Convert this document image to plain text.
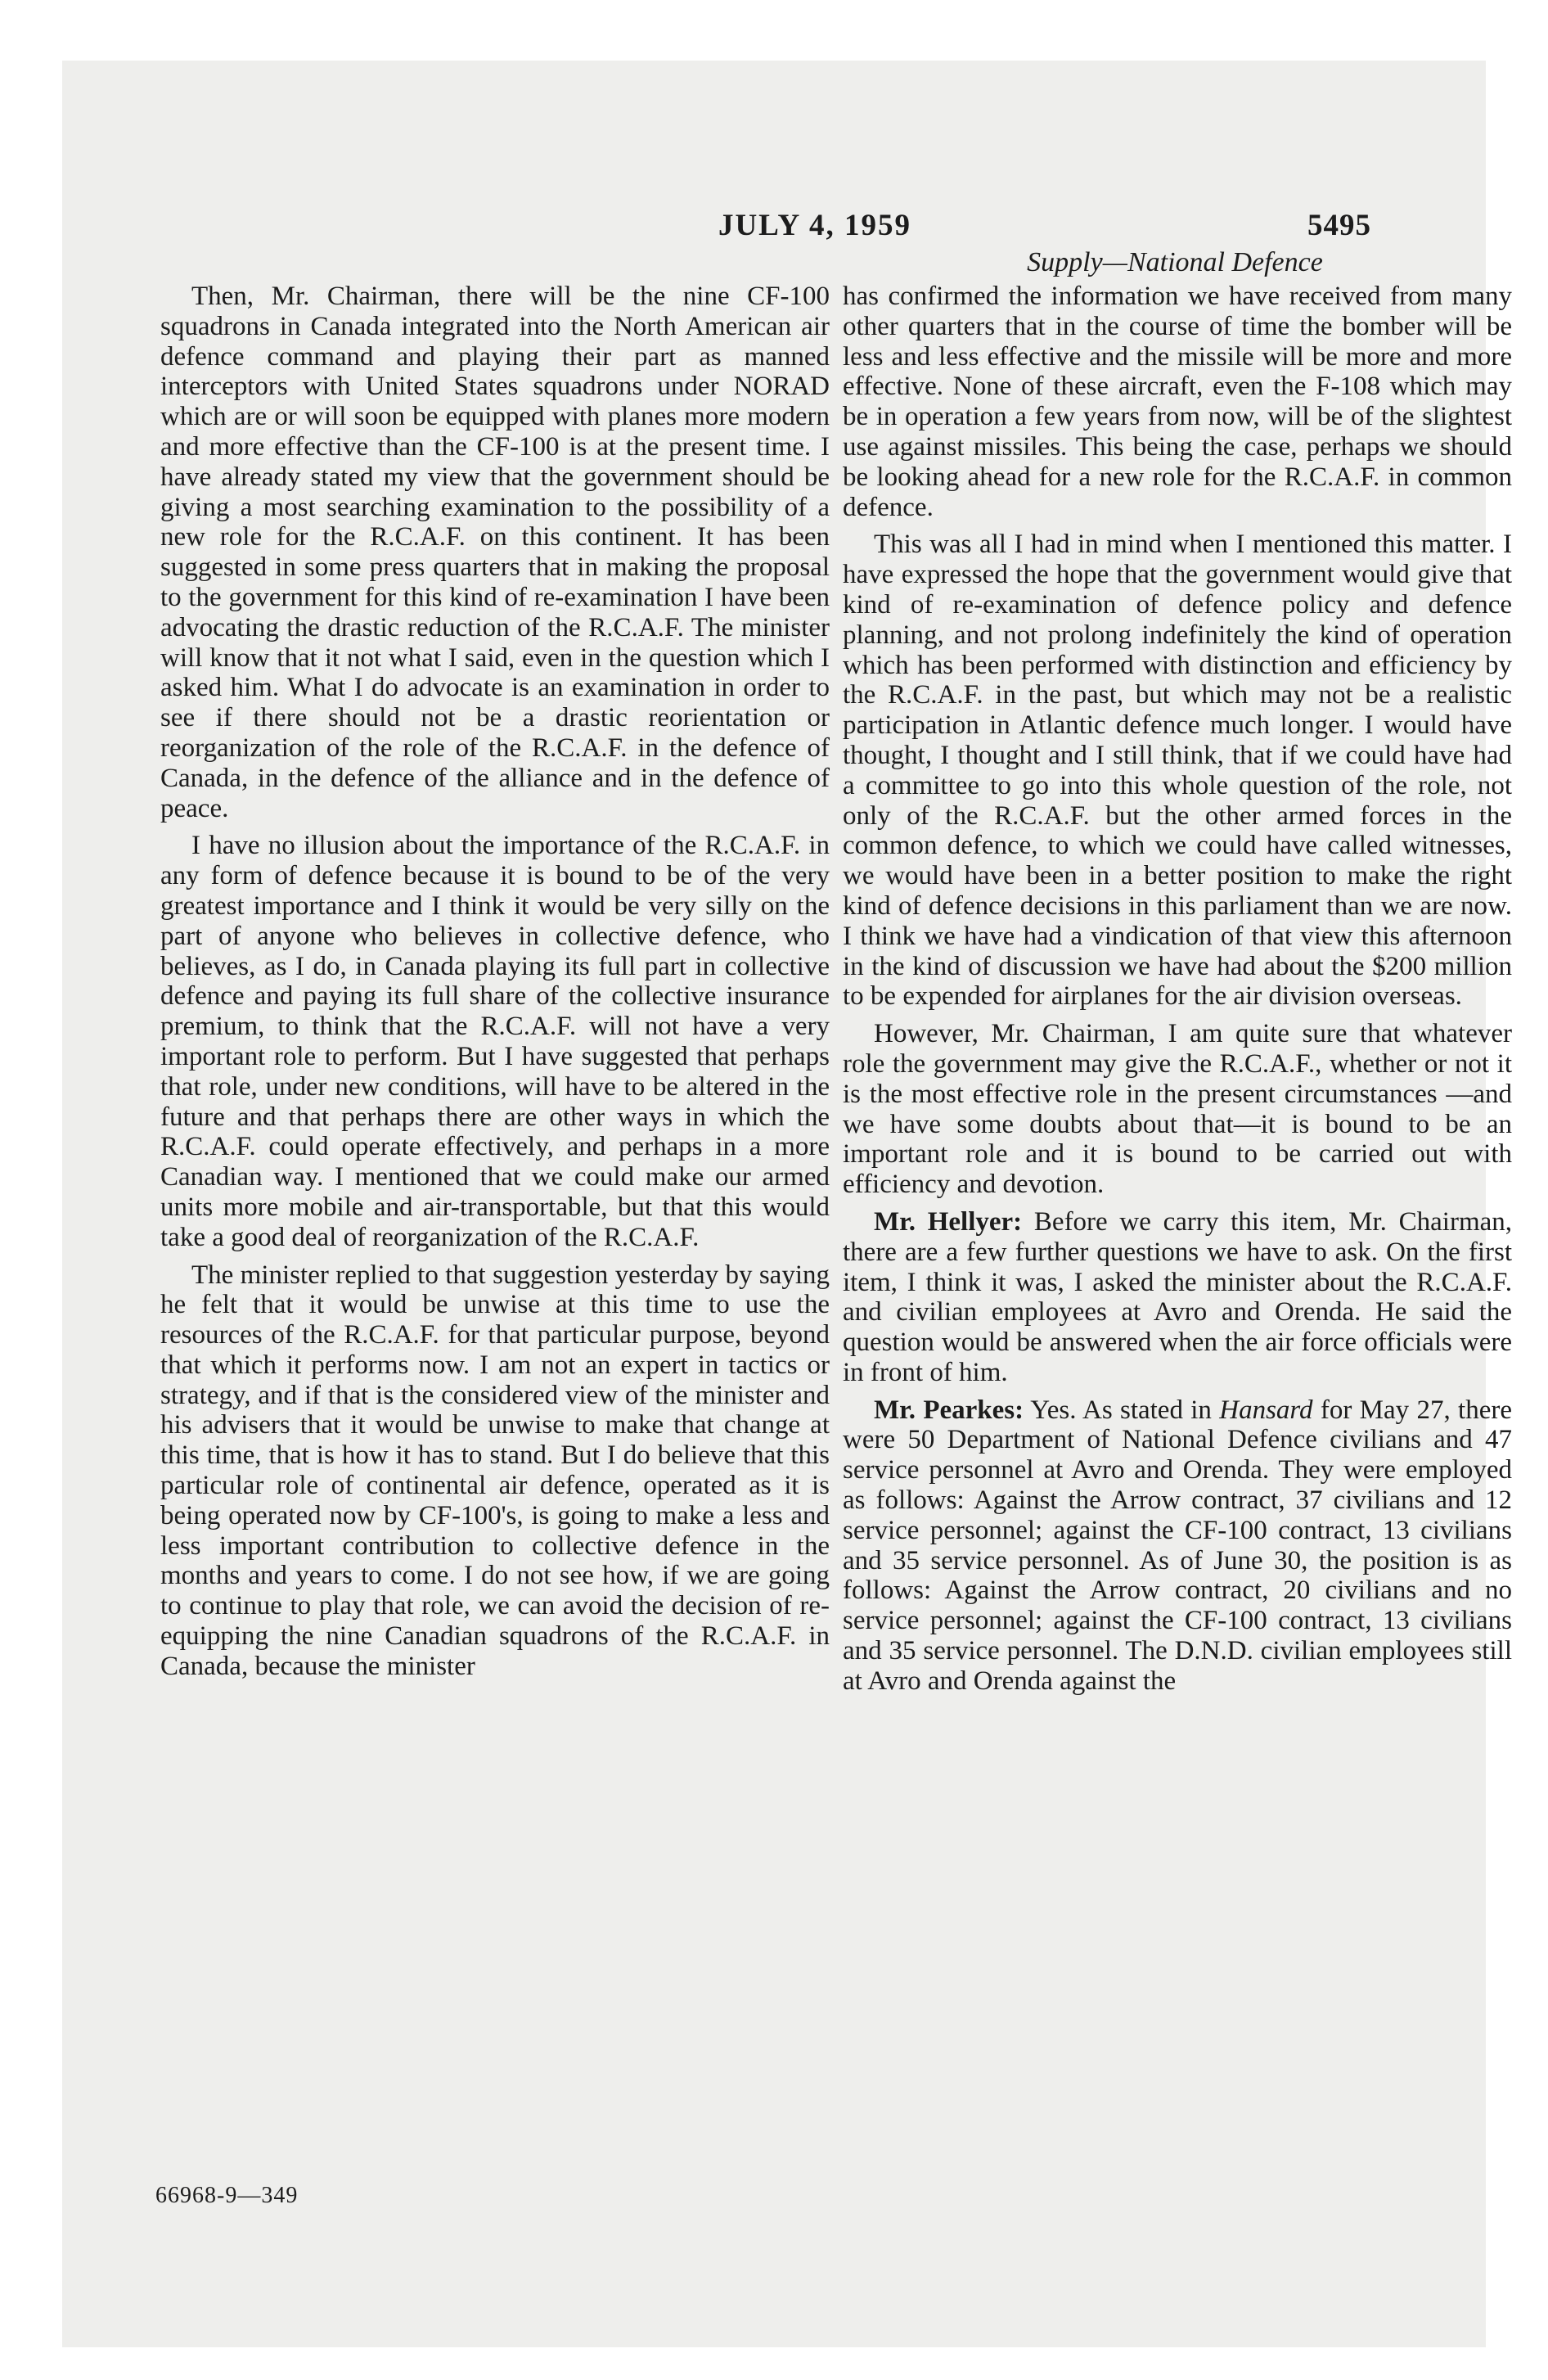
JULY 4, 1959	5495
Supply—National Defence

Then, Mr. Chairman, there will be the nine CF-100 squadrons in Canada integrated into the North American air defence command and playing their part as manned interceptors with United States squadrons under NORAD which are or will soon be equipped with planes more modern and more effective than the CF-100 is at the present time. I have already stated my view that the government should be giving a most searching examination to the possibility of a new role for the R.C.A.F. on this continent. It has been suggested in some press quarters that in making the proposal to the government for this kind of re-examination I have been advocating the drastic reduction of the R.C.A.F. The minister will know that it not what I said, even in the question which I asked him. What I do advocate is an examination in order to see if there should not be a drastic reorientation or reorganization of the role of the R.C.A.F. in the defence of Canada, in the defence of the alliance and in the defence of peace.

I have no illusion about the importance of the R.C.A.F. in any form of defence because it is bound to be of the very greatest importance and I think it would be very silly on the part of anyone who believes in collective defence, who believes, as I do, in Canada playing its full part in collective defence and paying its full share of the collective insurance premium, to think that the R.C.A.F. will not have a very important role to perform. But I have suggested that perhaps that role, under new conditions, will have to be altered in the future and that perhaps there are other ways in which the R.C.A.F. could operate effectively, and perhaps in a more Canadian way. I mentioned that we could make our armed units more mobile and air-transportable, but that this would take a good deal of reorganization of the R.C.A.F.

The minister replied to that suggestion yesterday by saying he felt that it would be unwise at this time to use the resources of the R.C.A.F. for that particular purpose, beyond that which it performs now. I am not an expert in tactics or strategy, and if that is the considered view of the minister and his advisers that it would be unwise to make that change at this time, that is how it has to stand. But I do believe that this particular role of continental air defence, operated as it is being operated now by CF-100's, is going to make a less and less important contribution to collective defence in the months and years to come. I do not see how, if we are going to continue to play that role, we can avoid the decision of re-equipping the nine Canadian squadrons of the R.C.A.F. in Canada, because the minister

has confirmed the information we have received from many other quarters that in the course of time the bomber will be less and less effective and the missile will be more and more effective. None of these aircraft, even the F-108 which may be in operation a few years from now, will be of the slightest use against missiles. This being the case, perhaps we should be looking ahead for a new role for the R.C.A.F. in common defence.

This was all I had in mind when I mentioned this matter. I have expressed the hope that the government would give that kind of re-examination of defence policy and defence planning, and not prolong indefinitely the kind of operation which has been performed with distinction and efficiency by the R.C.A.F. in the past, but which may not be a realistic participation in Atlantic defence much longer. I would have thought, I thought and I still think, that if we could have had a committee to go into this whole question of the role, not only of the R.C.A.F. but the other armed forces in the common defence, to which we could have called witnesses, we would have been in a better position to make the right kind of defence decisions in this parliament than we are now. I think we have had a vindication of that view this afternoon in the kind of discussion we have had about the $200 million to be expended for airplanes for the air division overseas.

However, Mr. Chairman, I am quite sure that whatever role the government may give the R.C.A.F., whether or not it is the most effective role in the present circumstances —and we have some doubts about that—it is bound to be an important role and it is bound to be carried out with efficiency and devotion.

Mr. Hellyer: Before we carry this item, Mr. Chairman, there are a few further questions we have to ask. On the first item, I think it was, I asked the minister about the R.C.A.F. and civilian employees at Avro and Orenda. He said the question would be answered when the air force officials were in front of him.

Mr. Pearkes: Yes. As stated in Hansard for May 27, there were 50 Department of National Defence civilians and 47 service personnel at Avro and Orenda. They were employed as follows: Against the Arrow contract, 37 civilians and 12 service personnel; against the CF-100 contract, 13 civilians and 35 service personnel. As of June 30, the position is as follows: Against the Arrow contract, 20 civilians and no service personnel; against the CF-100 contract, 13 civilians and 35 service personnel. The D.N.D. civilian employees still at Avro and Orenda against the

66968-9—349
